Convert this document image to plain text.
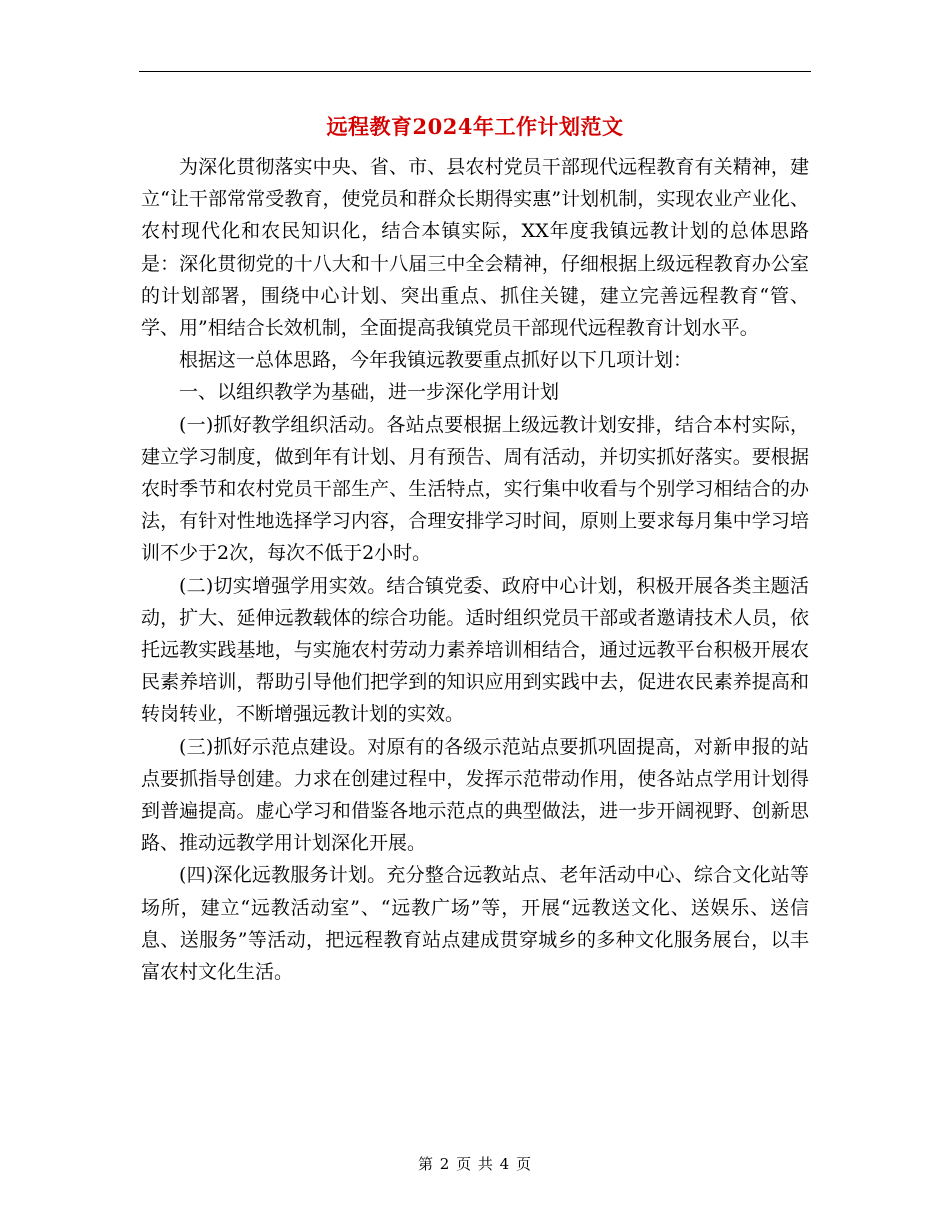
远程教育2024年工作计划范文

为深化贯彻落实中央、省、市、县农村党员干部现代远程教育有关精神，建立“让干部常常受教育，使党员和群众长期得实惠”计划机制，实现农业产业化、农村现代化和农民知识化，结合本镇实际，XX年度我镇远教计划的总体思路是：深化贯彻党的十八大和十八届三中全会精神，仔细根据上级远程教育办公室的计划部署，围绕中心计划、突出重点、抓住关键，建立完善远程教育“管、学、用”相结合长效机制，全面提高我镇党员干部现代远程教育计划水平。

根据这一总体思路，今年我镇远教要重点抓好以下几项计划：

一、以组织教学为基础，进一步深化学用计划

(一)抓好教学组织活动。各站点要根据上级远教计划安排，结合本村实际，建立学习制度，做到年有计划、月有预告、周有活动，并切实抓好落实。要根据农时季节和农村党员干部生产、生活特点，实行集中收看与个别学习相结合的办法，有针对性地选择学习内容，合理安排学习时间，原则上要求每月集中学习培训不少于2次，每次不低于2小时。

(二)切实增强学用实效。结合镇党委、政府中心计划，积极开展各类主题活动，扩大、延伸远教载体的综合功能。适时组织党员干部或者邀请技术人员，依托远教实践基地，与实施农村劳动力素养培训相结合，通过远教平台积极开展农民素养培训，帮助引导他们把学到的知识应用到实践中去，促进农民素养提高和转岗转业，不断增强远教计划的实效。

(三)抓好示范点建设。对原有的各级示范站点要抓巩固提高，对新申报的站点要抓指导创建。力求在创建过程中，发挥示范带动作用，使各站点学用计划得到普遍提高。虚心学习和借鉴各地示范点的典型做法，进一步开阔视野、创新思路、推动远教学用计划深化开展。

(四)深化远教服务计划。充分整合远教站点、老年活动中心、综合文化站等场所，建立“远教活动室”、“远教广场”等，开展“远教送文化、送娱乐、送信息、送服务”等活动，把远程教育站点建成贯穿城乡的多种文化服务展台，以丰富农村文化生活。

第 2 页 共 4 页
